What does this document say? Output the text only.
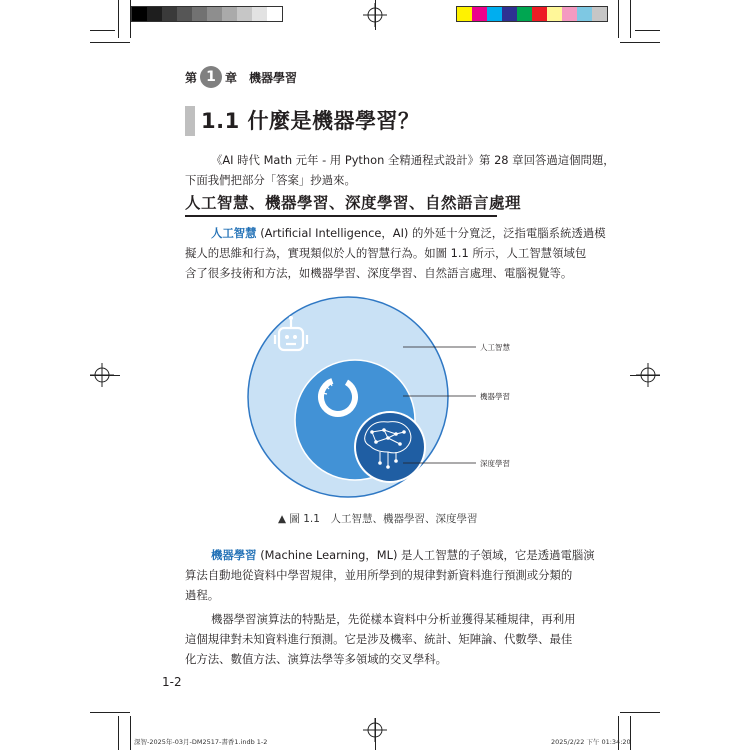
第 1 章 機器學習
1.1 什麼是機器學習？
《AI 時代 Math 元年 - 用 Python 全精通程式設計》第 28 章回答過這個問題，
下面我們把部分「答案」抄過來。
人工智慧、機器學習、深度學習、自然語言處理
人工智慧 (Artificial Intelligence，AI) 的外延十分寬泛，泛指電腦系統透過模
擬人的思維和行為，實現類似於人的智慧行為。如圖 1.1 所示，人工智慧領域包
含了很多技術和方法，如機器學習、深度學習、自然語言處理、電腦視覺等。
人工智慧
機器學習
深度學習
▲ 圖 1.1　人工智慧、機器學習、深度學習
機器學習 (Machine Learning，ML) 是人工智慧的子領域，它是透過電腦演
算法自動地從資料中學習規律，並用所學到的規律對新資料進行預測或分類的
過程。
機器學習演算法的特點是，先從樣本資料中分析並獲得某種規律，再利用
這個規律對未知資料進行預測。它是涉及機率、統計、矩陣論、代數學、最佳
化方法、數值方法、演算法學等多領域的交叉學科。
1-2
深智-2025年-03月-DM2517-書香1.indb 1-2	2025/2/22 下午 01:34:20
